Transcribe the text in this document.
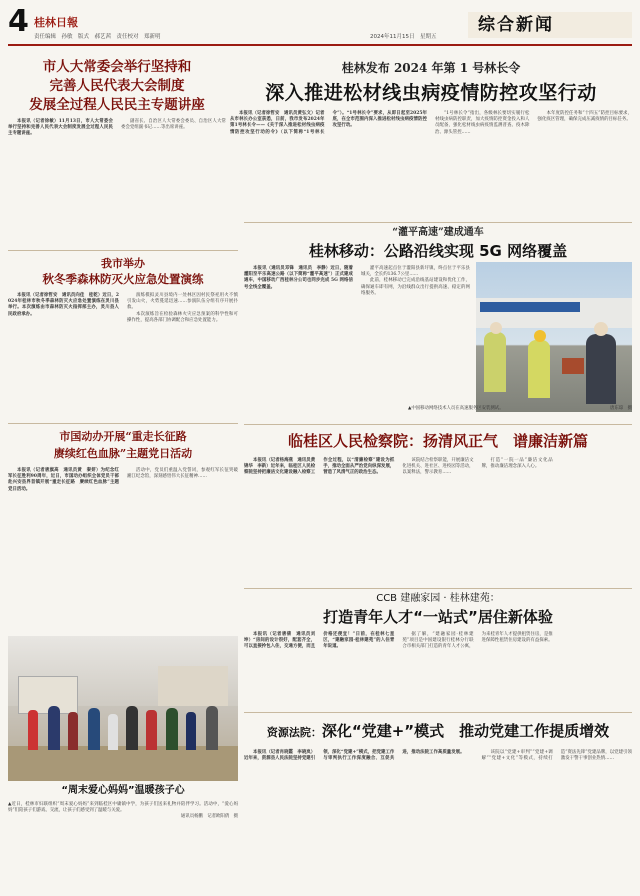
4 桂林日報
责任编辑　孙敏　版式　郝艺茜　责任校对　郑新明	2024年11月15日　星期五
综合新闻
市人大常委会举行坚持和
完善人民代表大会制度
发展全过程人民民主专题讲座

本报讯（记者徐敏）11月13日，市人大常委会举行坚持和完善人民代表大会制度发展全过程人民民主专题讲座。

副省长、自治区人大常委会委员、自治区人大常委会党组副书记……等出席讲座。

我市举办
秋冬季森林防灭火应急处置演练

本报讯（记者徐哲安　通讯员向佳　桂乾）近日，2024年桂林市秋冬季森林防灭火应急处置演练在灵川县举行。本次演练由市森林防灭火指挥部主办，灵川县人民政府承办。

演练模拟灵川县境内一处林区因村民祭祀用火不慎引发山火，火势蔓延迅速……参演队伍分组有序开展扑救。

本次演练旨在检验森林火灾应急预案的科学性和可操作性，提高各部门协调配合和应急处置能力。

市国动办开展“重走长征路
赓续红色血脉”主题党日活动

本报讯（记者唐旗高　通讯员黄　秦妍）为纪念红军长征胜利90周年，近日，市国动办组织全体党员干部赴兴安县界首镇开展“重走长征路　赓续红色血脉”主题党日活动。

活动中，党员们重温入党誓词，参观红军长征突破湘江纪念馆，深刻感悟伟大长征精神……

“周末爱心妈妈”温暖孩子心
▲近日，桂林市妇联组织“周末爱心妈妈”来到临桂区中庸镇中学，为孩子们送来礼物并陪伴学习。活动中，“爱心妈妈”们陪孩子们游戏、交流，让孩子们感受到了温暖与关爱。
通讯员杨鹏　记者欧阳倩　摄
桂林发布 2024 年第 1 号林长令
深入推进松材线虫病疫情防控攻坚行动

本报讯（记者徐哲安　通讯员黄弘文）记者从市林长办公室获悉，日前，我市发布2024年第1号林长令——《关于深入推进松材线虫病疫情防控攻坚行动的令》（以下简称“1号林长令”）。“1号林长令”要求，从即日起至2025年底，在全市范围内深入推进松材线虫病疫情防控攻坚行动。

“1号林长令”指出，各级林长要切实履行松材线虫病防控职责，加大疫情防控资金投入和人员配备，强化松材线虫病疫情监测普查、疫木除治、源头管控……

本年度防控任务和“十四五”防控目标要求，强化疫区管理，确保完成压减疫情的目标任务。

“灌平高速”建成通车
桂林移动：公路沿线实现 5G 网络覆盖

本报讯（通讯员邓锋　通讯员　李静）近日，随着灌阳至平乐高速公路（以下简称“灌平高速”）正式建成通车，中国移动广西桂林分公司也同步完成 5G 网络信号全线全覆盖。

灌平高速起点位于灌阳县新圩镇，终点位于平乐县城关，全长约136.7公里……

此前，桂林移动已完成沿线基站建设和优化工作，确保通车即有网，为沿线群众出行提供高速、稳定的网络服务。

▲中国移动网络技术人员在高速服务区安装测试。	唐东琼　摄
临桂区人民检察院：扬清风正气　谱廉洁新篇

本报讯（记者杨海燕　通讯员黄锦华　李新）近年来，临桂区人民检察院坚持把廉洁文化建设融入检察工作全过程，以“清廉检察”建设为抓手，推动全面从严治党向纵深发展，营造了风清气正的政治生态。

该院结合检察职能，开展廉洁文化进机关、进社区、进校园等活动，以案释法，警示教育……

打造“一院一品”廉洁文化品牌，推动廉洁理念深入人心。

CCB 建融家园 · 桂林建苑：
打造青年人才“一站式”居住新体验

本报讯（记者唐倩　通讯员刘坤）“房间的设计很好，配套齐全，可以直接拎包入住，交通方便，而且价格还便宜！”日前，在桂林七星区，“建融家园·桂林建苑”的入住青年说道。

据了解，“建融家园·桂林建苑”项目是中国建设银行桂林分行联合市相关部门打造的青年人才公寓，为来桂青年人才提供租赁住房，是推进保障性租赁住房建设的有益探索。

资源法院： 深化“党建+”模式　推动党建工作提质增效

本报讯（记者肖晓霞　李晓岚）近年来，资源县人民法院坚持党建引领，深化“党建+”模式，把党建工作与审判执行工作深度融合、互促共进，推动法院工作高质量发展。	该院以“党建+审判”“党建+调解”“党建+文化”等模式，持续打造“资法先锋”党建品牌，以党建引领激发干警干事创业热情……
